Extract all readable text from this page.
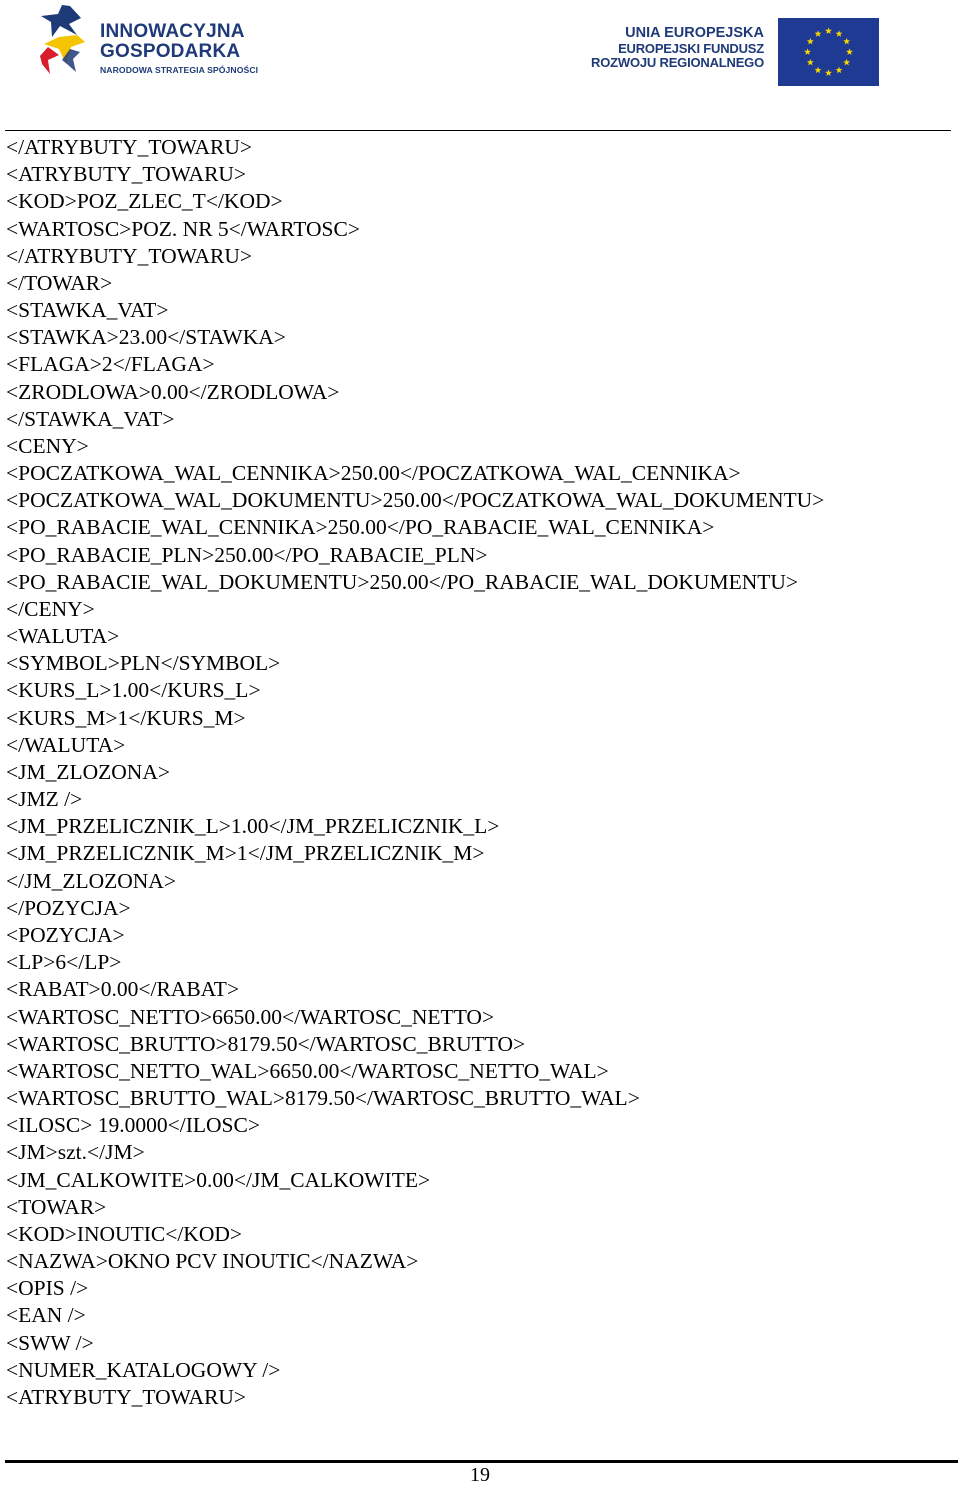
INNOWACYJNA
GOSPODARKA
NARODOWA STRATEGIA SPÓJNOŚCI
UNIA EUROPEJSKA
EUROPEJSKI FUNDUSZ
ROZWOJU REGIONALNEGO
</ATRYBUTY_TOWARU>
<ATRYBUTY_TOWARU>
<KOD>POZ_ZLEC_T</KOD>
<WARTOSC>POZ. NR 5</WARTOSC>
</ATRYBUTY_TOWARU>
</TOWAR>
<STAWKA_VAT>
<STAWKA>23.00</STAWKA>
<FLAGA>2</FLAGA>
<ZRODLOWA>0.00</ZRODLOWA>
</STAWKA_VAT>
<CENY>
<POCZATKOWA_WAL_CENNIKA>250.00</POCZATKOWA_WAL_CENNIKA>
<POCZATKOWA_WAL_DOKUMENTU>250.00</POCZATKOWA_WAL_DOKUMENTU>
<PO_RABACIE_WAL_CENNIKA>250.00</PO_RABACIE_WAL_CENNIKA>
<PO_RABACIE_PLN>250.00</PO_RABACIE_PLN>
<PO_RABACIE_WAL_DOKUMENTU>250.00</PO_RABACIE_WAL_DOKUMENTU>
</CENY>
<WALUTA>
<SYMBOL>PLN</SYMBOL>
<KURS_L>1.00</KURS_L>
<KURS_M>1</KURS_M>
</WALUTA>
<JM_ZLOZONA>
<JMZ />
<JM_PRZELICZNIK_L>1.00</JM_PRZELICZNIK_L>
<JM_PRZELICZNIK_M>1</JM_PRZELICZNIK_M>
</JM_ZLOZONA>
</POZYCJA>
<POZYCJA>
<LP>6</LP>
<RABAT>0.00</RABAT>
<WARTOSC_NETTO>6650.00</WARTOSC_NETTO>
<WARTOSC_BRUTTO>8179.50</WARTOSC_BRUTTO>
<WARTOSC_NETTO_WAL>6650.00</WARTOSC_NETTO_WAL>
<WARTOSC_BRUTTO_WAL>8179.50</WARTOSC_BRUTTO_WAL>
<ILOSC> 19.0000</ILOSC>
<JM>szt.</JM>
<JM_CALKOWITE>0.00</JM_CALKOWITE>
<TOWAR>
<KOD>INOUTIC</KOD>
<NAZWA>OKNO PCV INOUTIC</NAZWA>
<OPIS />
<EAN />
<SWW />
<NUMER_KATALOGOWY />
<ATRYBUTY_TOWARU>
19
